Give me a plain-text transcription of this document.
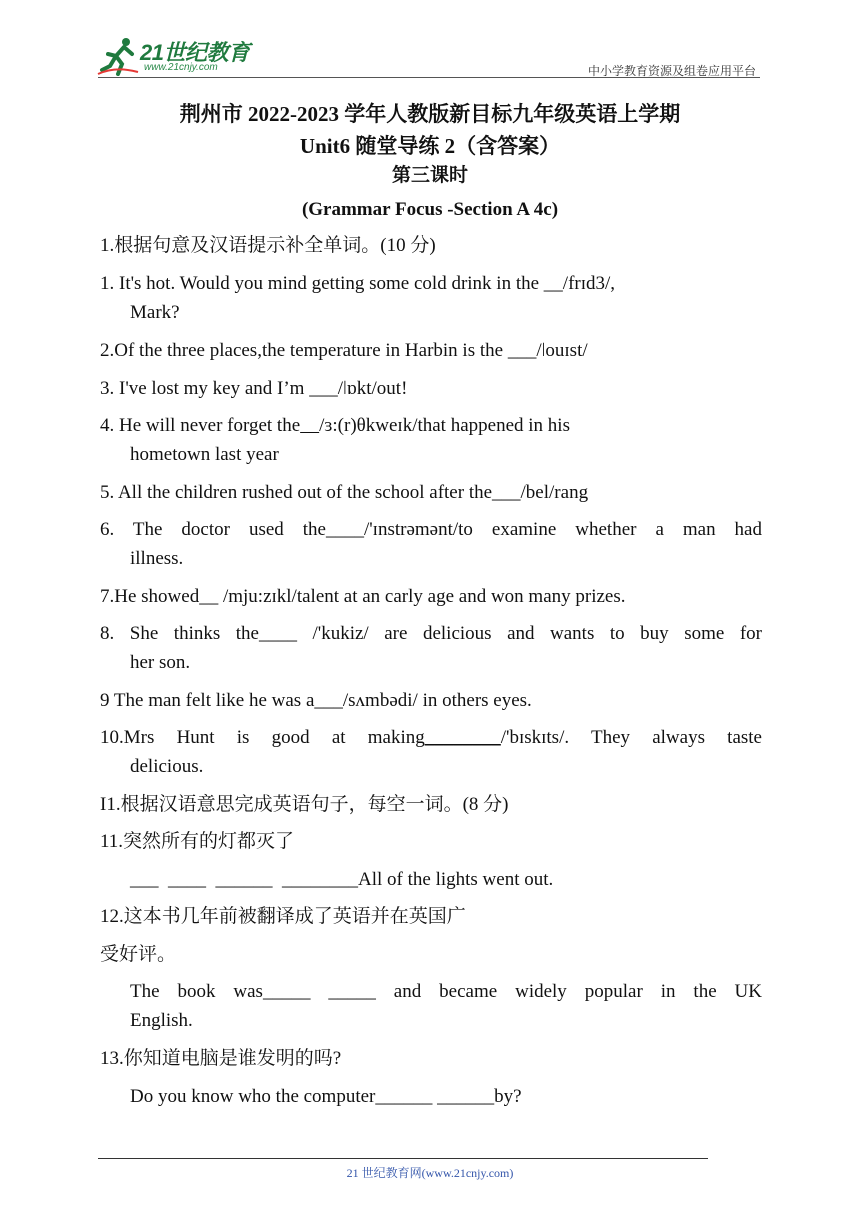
21世纪教育
www.21cnjy.com	中小学教育资源及组卷应用平台
荆州市 2022-2023 学年人教版新目标九年级英语上学期
Unit6 随堂导练 2（含答案）
第三课时
(Grammar Focus -Section A 4c)
1.根据句意及汉语提示补全单词。(10 分)
1. It's hot. Would you mind getting some cold drink in the __/frɪd3/,
Mark?
2.Of the three places,the temperature in Harbin is the ___/ǀouɪst/
3. I've lost my key and I’m ___/ǀɒkt/out!
4. He will never forget the /ɜ:(r)θkweɪk/that happened in his
hometown last year
5. All the children rushed out of the school after the___/bel/rang
6. The doctor used the____/'ɪnstrəmənt/to examine whether a man had
illness.
7.He showed__ /mju:zɪkl/talent at an carly age and won many prizes.
8. She thinks the____ /'kukiz/ are delicious and wants to buy some for
her son.
9 The man felt like he was a___/sʌmbədi/ in others eyes.
10.Mrs  Hunt  is  good  at  making________/'bɪskɪts/.  They  always  taste
delicious.
I1.根据汉语意思完成英语句子，每空一词。(8 分)
11.突然所有的灯都灭了
___  ____  ______  ________All of the lights went out.
12.这本书几年前被翻译成了英语并在英国广
受好评。
The book was_____ _____ and became widely popular in the UK
English.
13.你知道电脑是谁发明的吗?
Do you know who the computer______ ______by?
21 世纪教育网(www.21cnjy.com)
